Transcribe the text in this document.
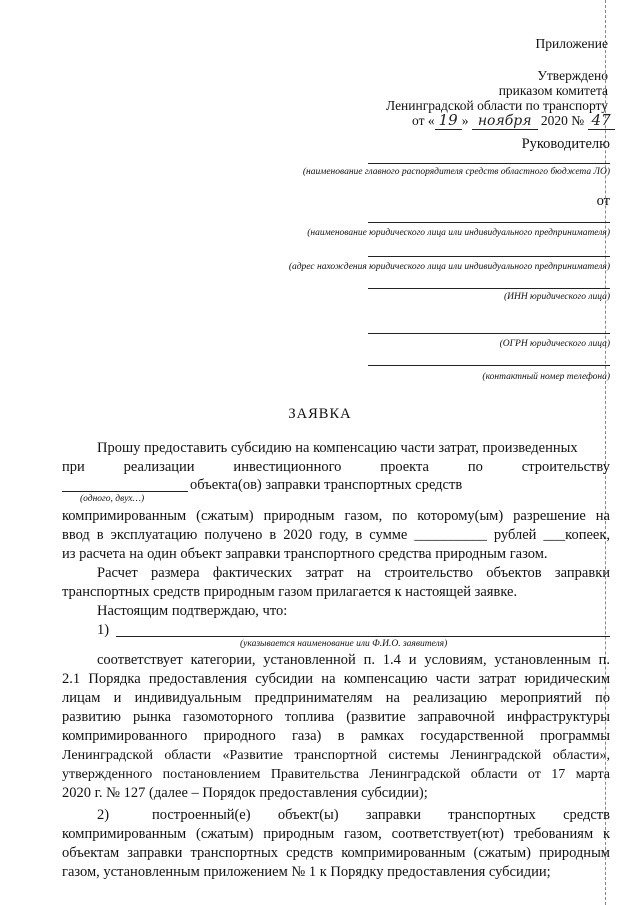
Приложение
Утверждено
приказом комитета
Ленинградской области по транспорту
от « 19 » ноября 2020 № 47
Руководителю
(наименование главного распорядителя средств областного бюджета ЛО)
от
(наименование юридического лица или индивидуального предпринимателя)
(адрес нахождения юридического лица или индивидуального предпринимателя)
(ИНН юридического лица)
(ОГРН юридического лица)
(контактный номер телефона)
ЗАЯВКА
Прошу предоставить субсидию на компенсацию части затрат, произведенных
при реализации инвестиционного проекта по строительству
объекта(ов) заправки транспортных средств
(одного, двух…)
компримированным (сжатым) природным газом, по которому(ым) разрешение на
ввод в эксплуатацию получено в 2020 году, в сумме __________ рублей ___копеек,
из расчета на один объект заправки транспортного средства природным газом.
Расчет размера фактических затрат на строительство объектов заправки
транспортных средств природным газом прилагается к настоящей заявке.
Настоящим подтверждаю, что:
1)
(указывается наименование или Ф.И.О. заявителя)
соответствует категории, установленной п. 1.4 и условиям, установленным п.
2.1 Порядка предоставления субсидии на компенсацию части затрат юридическим
лицам и индивидуальным предпринимателям на реализацию мероприятий по
развитию рынка газомоторного топлива (развитие заправочной инфраструктуры
компримированного природного газа) в рамках государственной программы
Ленинградской области «Развитие транспортной системы Ленинградской области»,
утвержденного постановлением Правительства Ленинградской области от 17 марта
2020 г. № 127 (далее – Порядок предоставления субсидии);
2)	построенный(е) объект(ы) заправки транспортных средств
компримированным (сжатым) природным газом, соответствует(ют) требованиям к
объектам заправки транспортных средств компримированным (сжатым) природным
газом, установленным приложением № 1 к Порядку предоставления субсидии;
